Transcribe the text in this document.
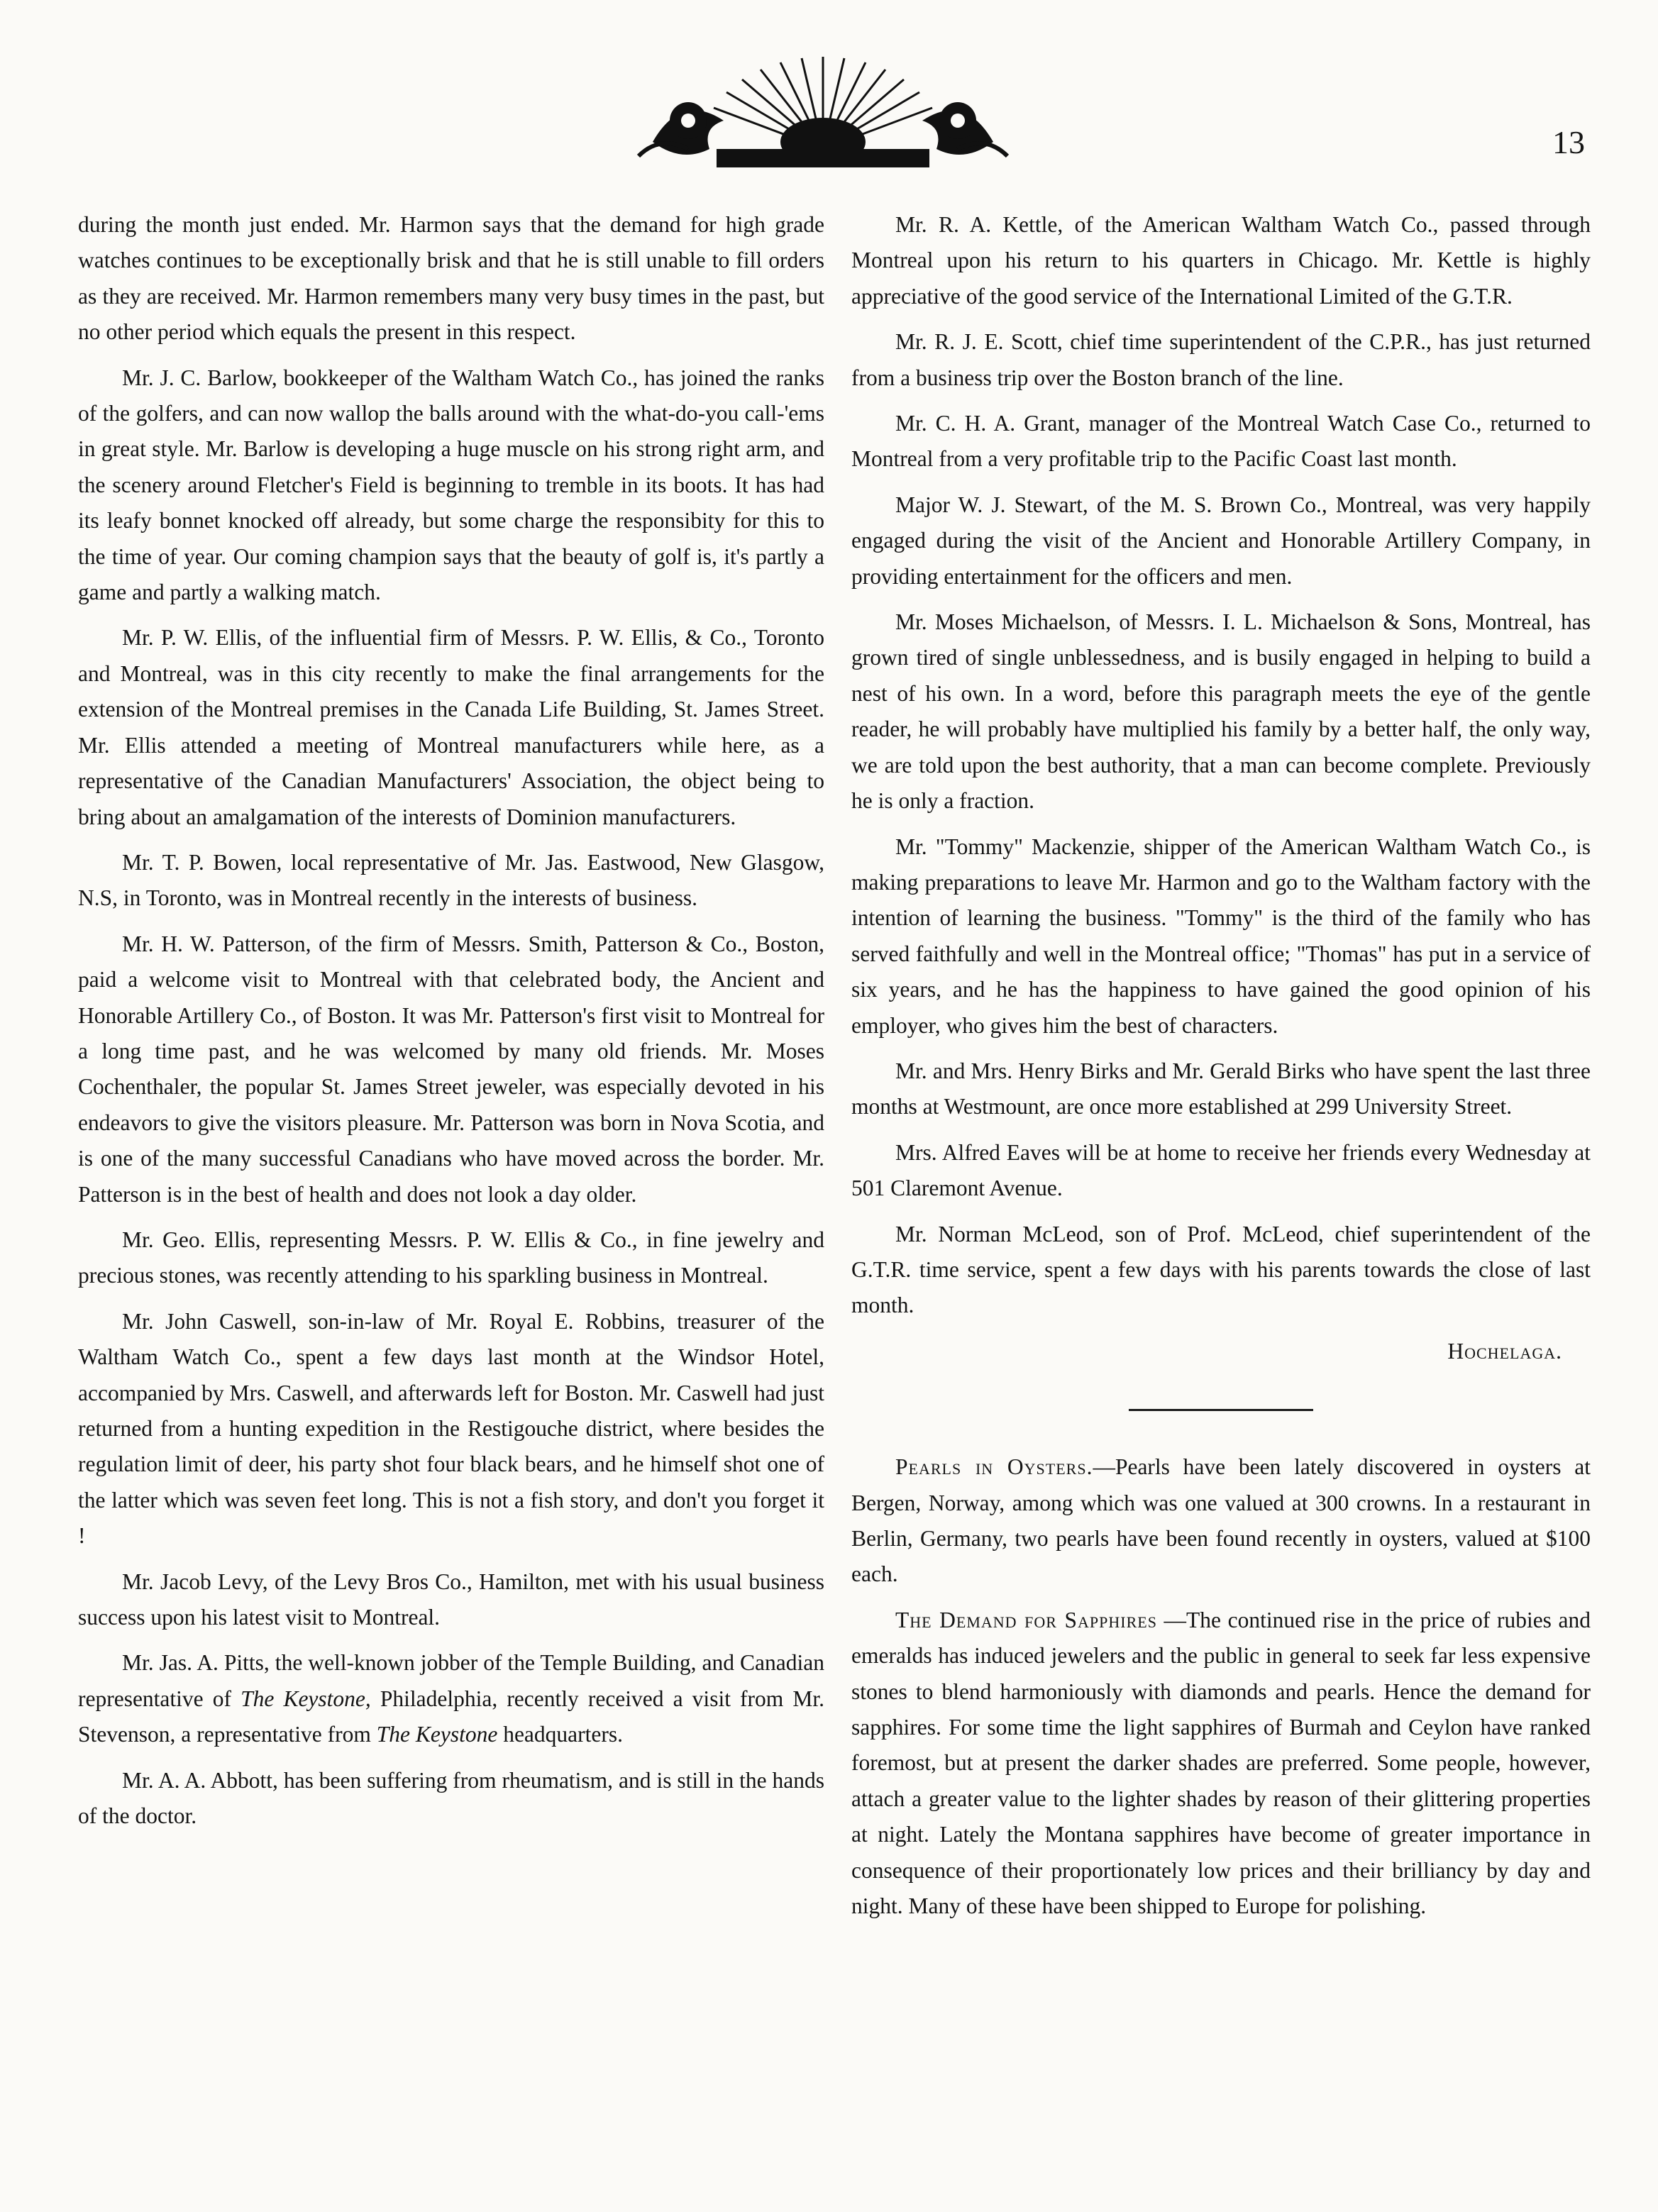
13

during the month just ended. Mr. Harmon says that the demand for high grade watches continues to be exceptionally brisk and that he is still unable to fill orders as they are received. Mr. Harmon remembers many very busy times in the past, but no other period which equals the present in this respect.

Mr. J. C. Barlow, bookkeeper of the Waltham Watch Co., has joined the ranks of the golfers, and can now wallop the balls around with the what-do-you call-'ems in great style. Mr. Barlow is developing a huge muscle on his strong right arm, and the scenery around Fletcher's Field is beginning to tremble in its boots. It has had its leafy bonnet knocked off already, but some charge the responsibity for this to the time of year. Our coming champion says that the beauty of golf is, it's partly a game and partly a walking match.

Mr. P. W. Ellis, of the influential firm of Messrs. P. W. Ellis, & Co., Toronto and Montreal, was in this city recently to make the final arrangements for the extension of the Montreal premises in the Canada Life Building, St. James Street. Mr. Ellis attended a meeting of Montreal manufacturers while here, as a representative of the Canadian Manufacturers' Association, the object being to bring about an amalgamation of the interests of Dominion manufacturers.

Mr. T. P. Bowen, local representative of Mr. Jas. Eastwood, New Glasgow, N.S, in Toronto, was in Montreal recently in the interests of business.

Mr. H. W. Patterson, of the firm of Messrs. Smith, Patterson & Co., Boston, paid a welcome visit to Montreal with that celebrated body, the Ancient and Honorable Artillery Co., of Boston. It was Mr. Patterson's first visit to Montreal for a long time past, and he was welcomed by many old friends. Mr. Moses Cochenthaler, the popular St. James Street jeweler, was especially devoted in his endeavors to give the visitors pleasure. Mr. Patterson was born in Nova Scotia, and is one of the many successful Canadians who have moved across the border. Mr. Patterson is in the best of health and does not look a day older.

Mr. Geo. Ellis, representing Messrs. P. W. Ellis & Co., in fine jewelry and precious stones, was recently attending to his sparkling business in Montreal.

Mr. John Caswell, son-in-law of Mr. Royal E. Robbins, treasurer of the Waltham Watch Co., spent a few days last month at the Windsor Hotel, accompanied by Mrs. Caswell, and afterwards left for Boston. Mr. Caswell had just returned from a hunting expedition in the Restigouche district, where besides the regulation limit of deer, his party shot four black bears, and he himself shot one of the latter which was seven feet long. This is not a fish story, and don't you forget it !

Mr. Jacob Levy, of the Levy Bros Co., Hamilton, met with his usual business success upon his latest visit to Montreal.

Mr. Jas. A. Pitts, the well-known jobber of the Temple Building, and Canadian representative of The Keystone, Philadelphia, recently received a visit from Mr. Stevenson, a representative from The Keystone headquarters.

Mr. A. A. Abbott, has been suffering from rheumatism, and is still in the hands of the doctor.

Mr. R. A. Kettle, of the American Waltham Watch Co., passed through Montreal upon his return to his quarters in Chicago. Mr. Kettle is highly appreciative of the good service of the International Limited of the G.T.R.

Mr. R. J. E. Scott, chief time superintendent of the C.P.R., has just returned from a business trip over the Boston branch of the line.

Mr. C. H. A. Grant, manager of the Montreal Watch Case Co., returned to Montreal from a very profitable trip to the Pacific Coast last month.

Major W. J. Stewart, of the M. S. Brown Co., Montreal, was very happily engaged during the visit of the Ancient and Honorable Artillery Company, in providing entertainment for the officers and men.

Mr. Moses Michaelson, of Messrs. I. L. Michaelson & Sons, Montreal, has grown tired of single unblessedness, and is busily engaged in helping to build a nest of his own. In a word, before this paragraph meets the eye of the gentle reader, he will probably have multiplied his family by a better half, the only way, we are told upon the best authority, that a man can become complete. Previously he is only a fraction.

Mr. "Tommy" Mackenzie, shipper of the American Waltham Watch Co., is making preparations to leave Mr. Harmon and go to the Waltham factory with the intention of learning the business. "Tommy" is the third of the family who has served faithfully and well in the Montreal office; "Thomas" has put in a service of six years, and he has the happiness to have gained the good opinion of his employer, who gives him the best of characters.

Mr. and Mrs. Henry Birks and Mr. Gerald Birks who have spent the last three months at Westmount, are once more established at 299 University Street.

Mrs. Alfred Eaves will be at home to receive her friends every Wednesday at 501 Claremont Avenue.

Mr. Norman McLeod, son of Prof. McLeod, chief superintendent of the G.T.R. time service, spent a few days with his parents towards the close of last month.

Hochelaga.

Pearls in Oysters.—Pearls have been lately discovered in oysters at Bergen, Norway, among which was one valued at 300 crowns. In a restaurant in Berlin, Germany, two pearls have been found recently in oysters, valued at $100 each.

The Demand for Sapphires —The continued rise in the price of rubies and emeralds has induced jewelers and the public in general to seek far less expensive stones to blend harmoniously with diamonds and pearls. Hence the demand for sapphires. For some time the light sapphires of Burmah and Ceylon have ranked foremost, but at present the darker shades are preferred. Some people, however, attach a greater value to the lighter shades by reason of their glittering properties at night. Lately the Montana sapphires have become of greater importance in consequence of their proportionately low prices and their brilliancy by day and night. Many of these have been shipped to Europe for polishing.
